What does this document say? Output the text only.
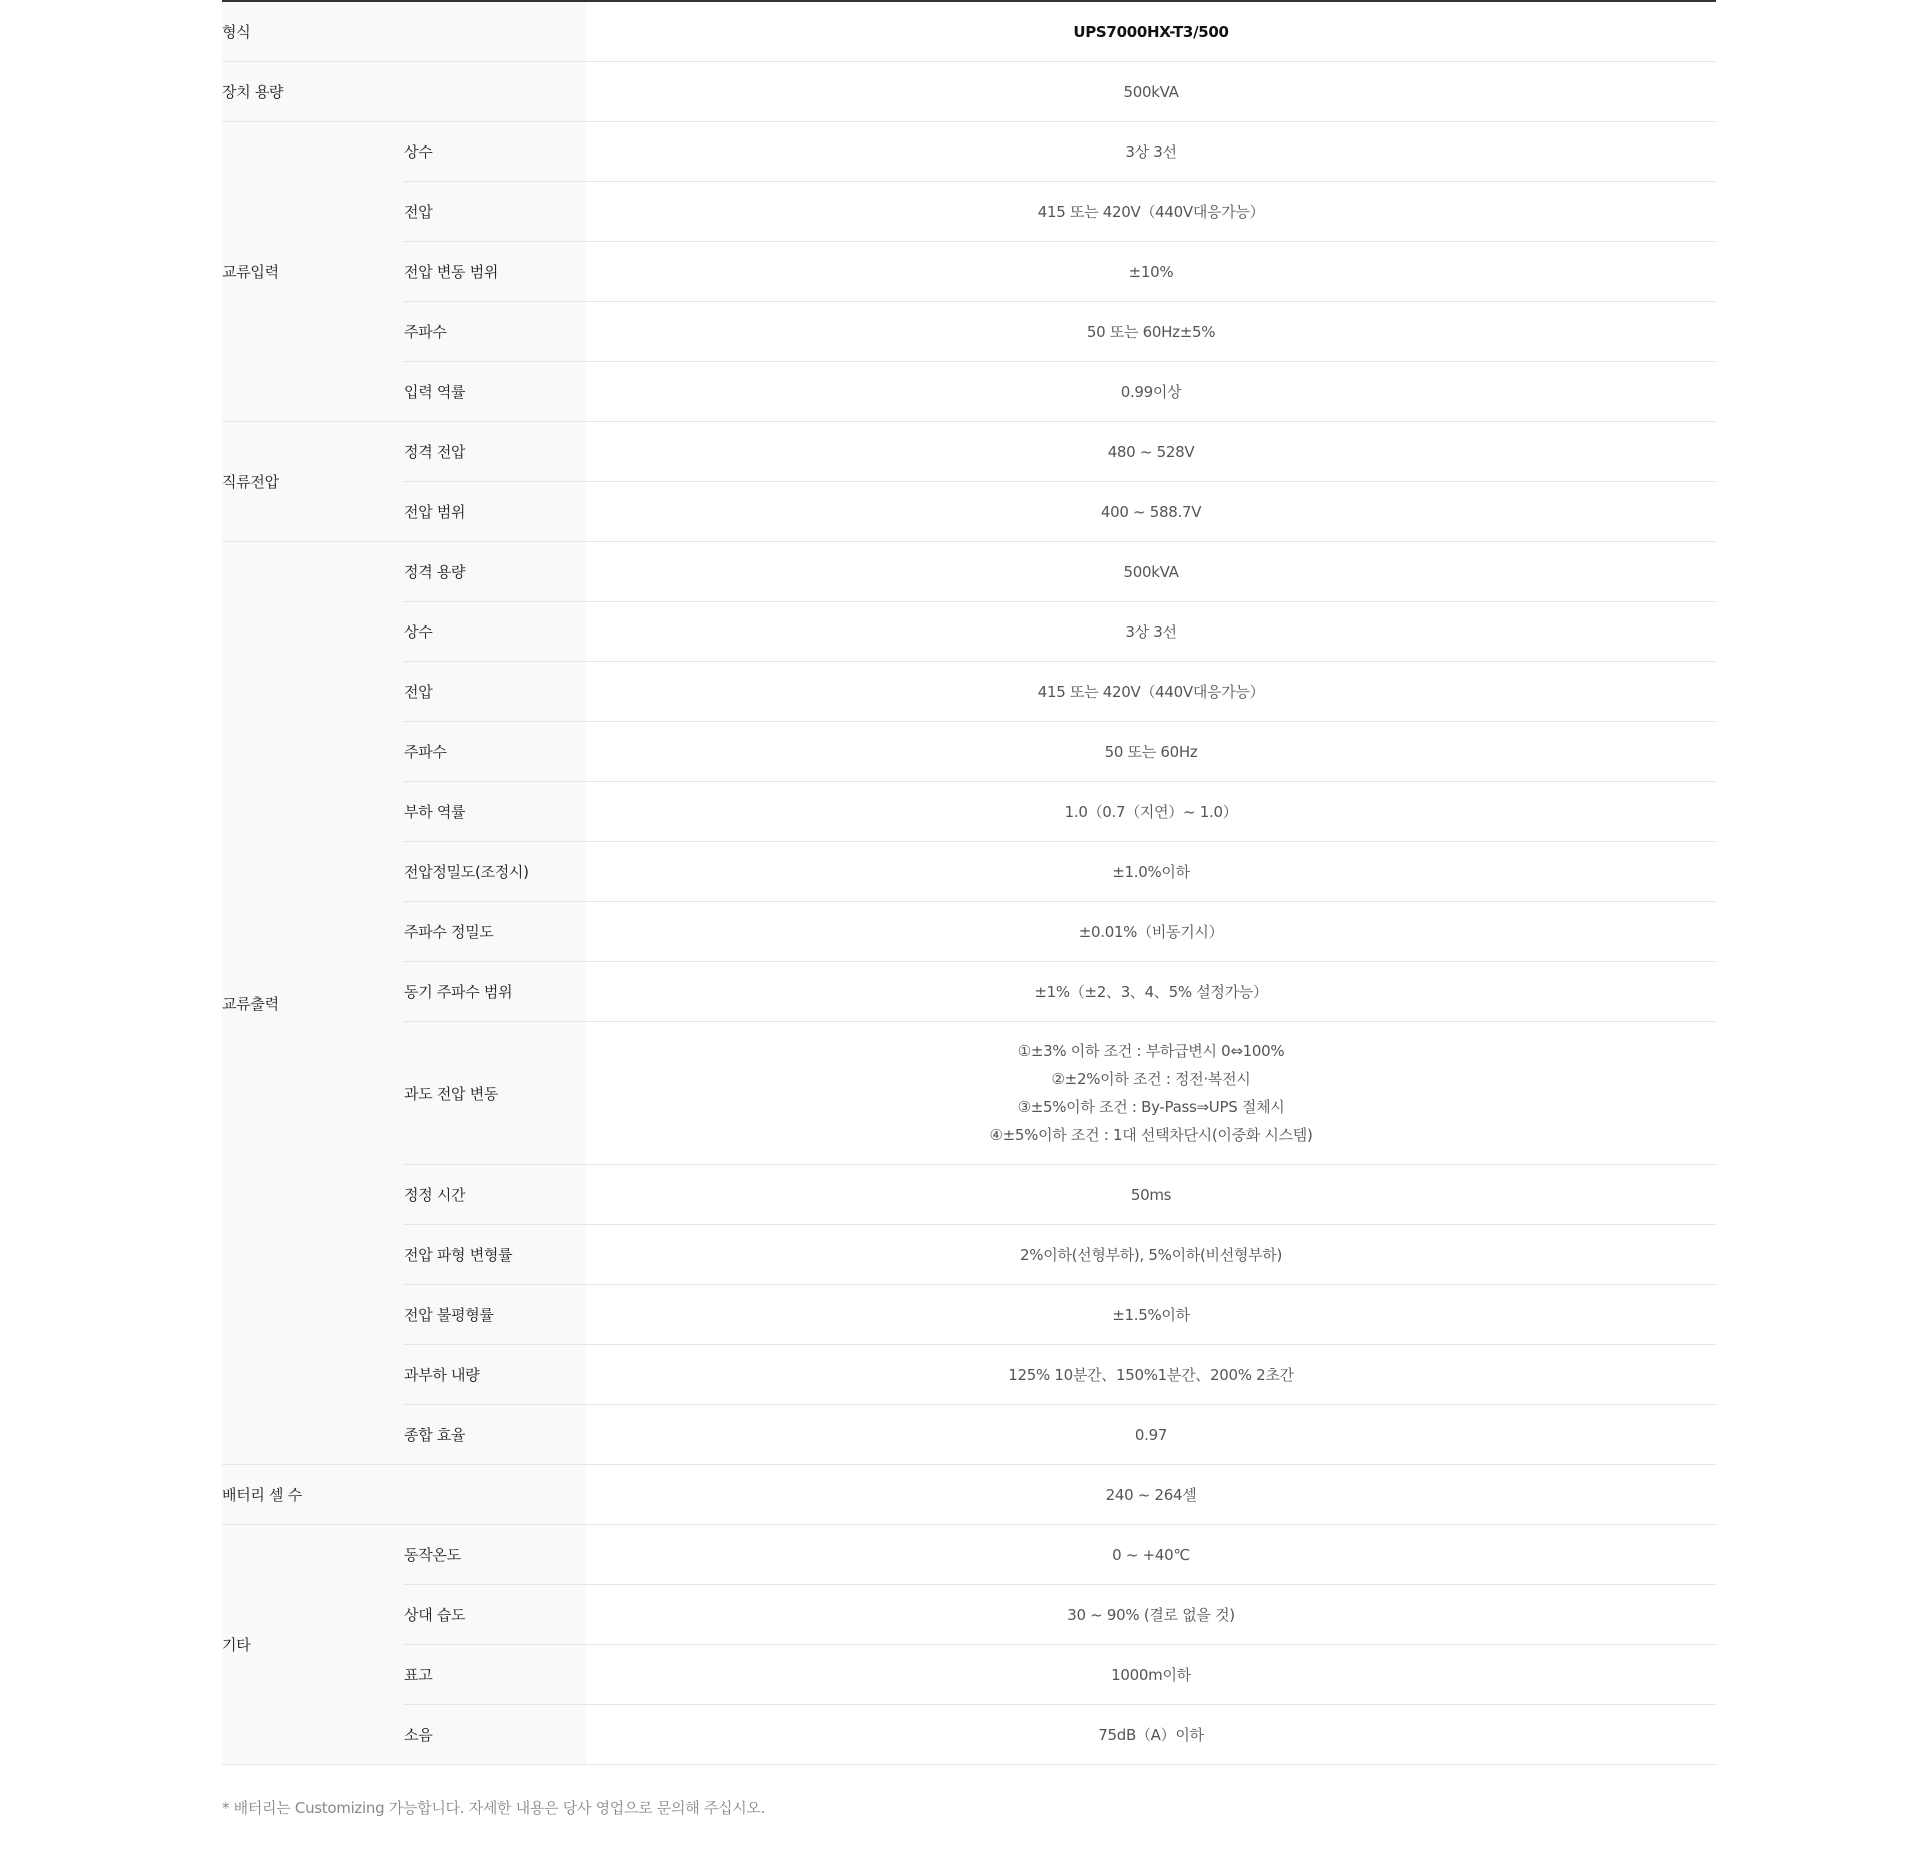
형식		UPS7000HX-T3/500
장치 용량		500kVA
교류입력	상수	3상 3선
	전압	415 또는 420V（440V대응가능）
	전압 변동 범위	±10%
	주파수	50 또는 60Hz±5%
	입력 역률	0.99이상
직류전압	정격 전압	480 ~ 528V
	전압 범위	400 ~ 588.7V
교류출력	정격 용량	500kVA
	상수	3상 3선
	전압	415 또는 420V（440V대응가능）
	주파수	50 또는 60Hz
	부하 역률	1.0（0.7（지연）~ 1.0）
	전압정밀도(조정시)	±1.0%이하
	주파수 정밀도	±0.01%（비동기시）
	동기 주파수 범위	±1%（±2、3、4、5% 설정가능）
	과도 전압 변동	①±3% 이하 조건 : 부하급변시 0⇔100%
②±2%이하 조건 : 정전·복전시
③±5%이하 조건 : By-Pass⇒UPS 절체시
④±5%이하 조건 : 1대 선택차단시(이중화 시스템)

	정정 시간	50ms
	전압 파형 변형률	2%이하(선형부하), 5%이하(비선형부하)
	전압 불평형률	±1.5%이하
	과부하 내량	125% 10분간、150%1분간、200% 2초간
	종합 효율	0.97
배터리 셀 수		240 ~ 264셀
기타	동작온도	0 ~ +40℃
	상대 습도	30 ~ 90% (결로 없을 것)
	표고	1000m이하
	소음	75dB（A）이하
* 배터리는 Customizing 가능합니다. 자세한 내용은 당사 영업으로 문의해 주십시오.
